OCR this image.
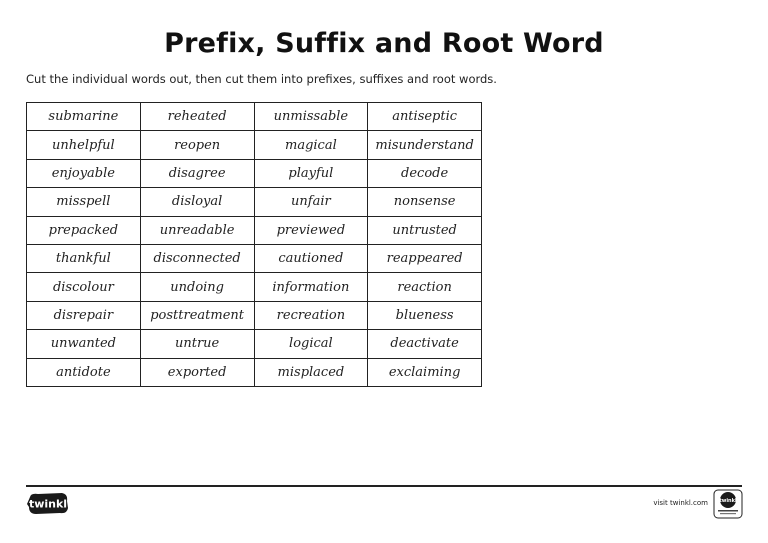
Prefix, Suffix and Root Word
Cut the individual words out, then cut them into prefixes, suffixes and root words.
submarine	reheated	unmissable	antiseptic
unhelpful	reopen	magical	misunderstand
enjoyable	disagree	playful	decode
misspell	disloyal	unfair	nonsense
prepacked	unreadable	previewed	untrusted
thankful	disconnected	cautioned	reappeared
discolour	undoing	information	reaction
disrepair	posttreatment	recreation	blueness
unwanted	untrue	logical	deactivate
antidote	exported	misplaced	exclaiming
twinkl	visit twinkl.com twinkl
